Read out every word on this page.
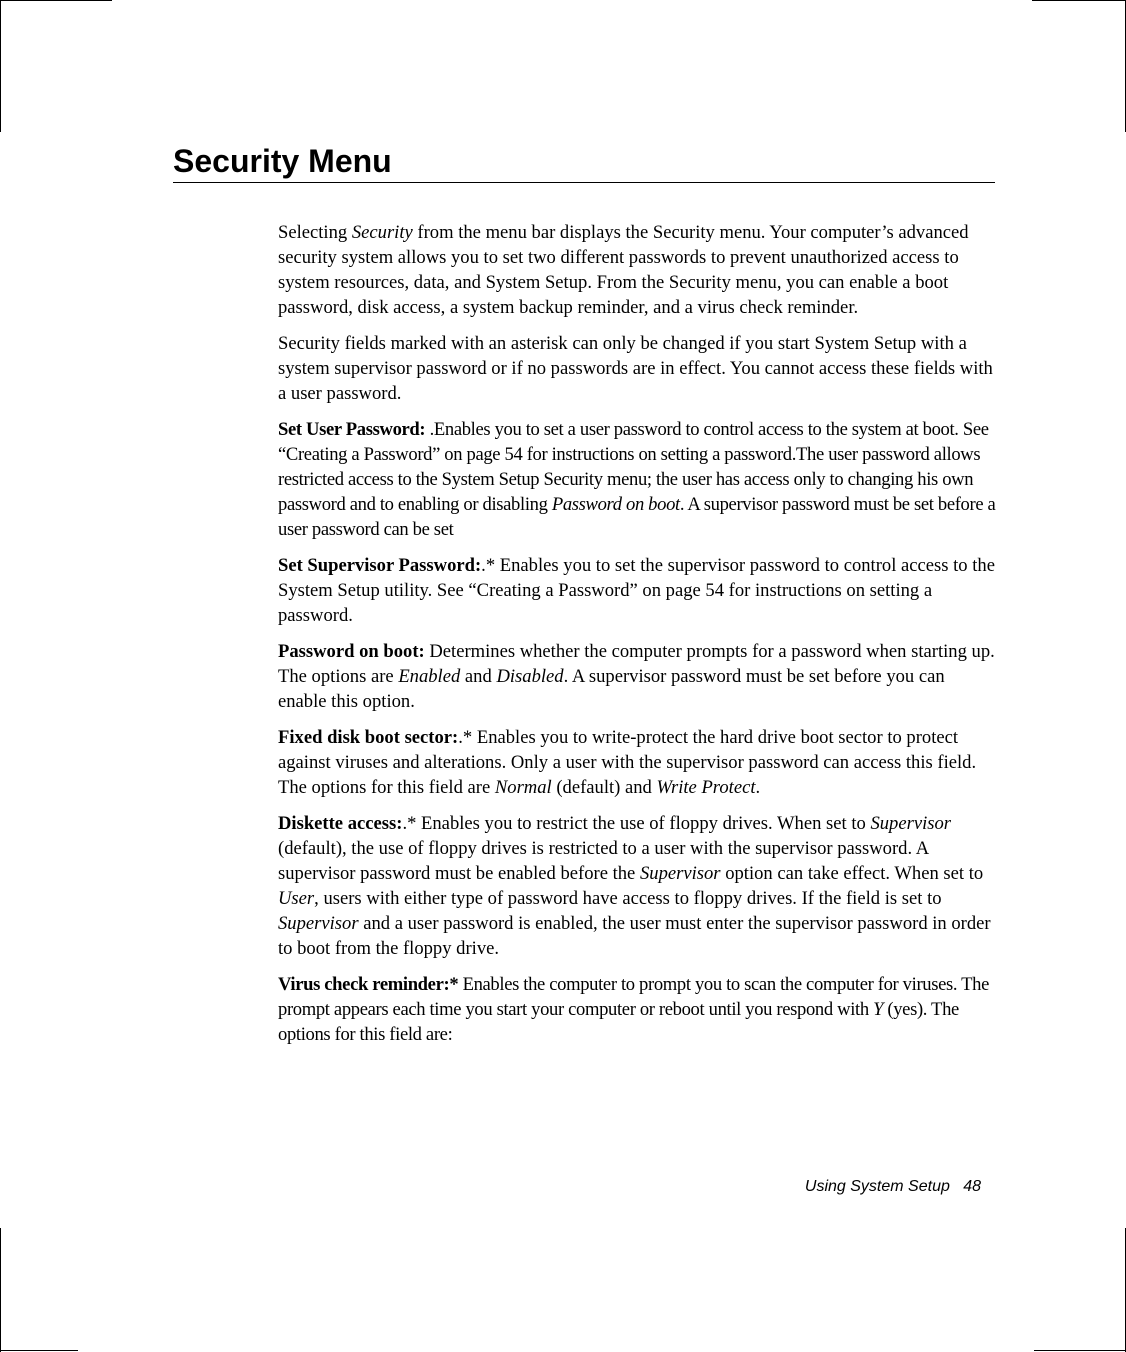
Security Menu

Selecting Security from the menu bar displays the Security menu. Your computer’s advanced security system allows you to set two different passwords to prevent unauthorized access to system resources, data, and System Setup. From the Security menu, you can enable a boot password, disk access, a system backup reminder, and a virus check reminder.

Security fields marked with an asterisk can only be changed if you start System Setup with a system supervisor password or if no passwords are in effect. You cannot access these fields with a user password.

Set User Password: .Enables you to set a user password to control access to the system at boot. See “Creating a Password” on page 54 for instructions on setting a password.The user password allows restricted access to the System Setup Security menu; the user has access only to changing his own password and to enabling or disabling Password on boot. A supervisor password must be set before a user password can be set

Set Supervisor Password:.* Enables you to set the supervisor password to control access to the System Setup utility. See “Creating a Password” on page 54 for instructions on setting a password.

Password on boot: Determines whether the computer prompts for a password when starting up. The options are Enabled and Disabled. A supervisor password must be set before you can enable this option.

Fixed disk boot sector:.* Enables you to write-protect the hard drive boot sector to protect against viruses and alterations. Only a user with the supervisor password can access this field. The options for this field are Normal (default) and Write Protect.

Diskette access:.* Enables you to restrict the use of floppy drives. When set to Supervisor (default), the use of floppy drives is restricted to a user with the supervisor password. A supervisor password must be enabled before the Supervisor option can take effect. When set to User, users with either type of password have access to floppy drives. If the field is set to Supervisor and a user password is enabled, the user must enter the supervisor password in order to boot from the floppy drive.

Virus check reminder:* Enables the computer to prompt you to scan the computer for viruses. The prompt appears each time you start your computer or reboot until you respond with Y (yes). The options for this field are:

Using System Setup 48
